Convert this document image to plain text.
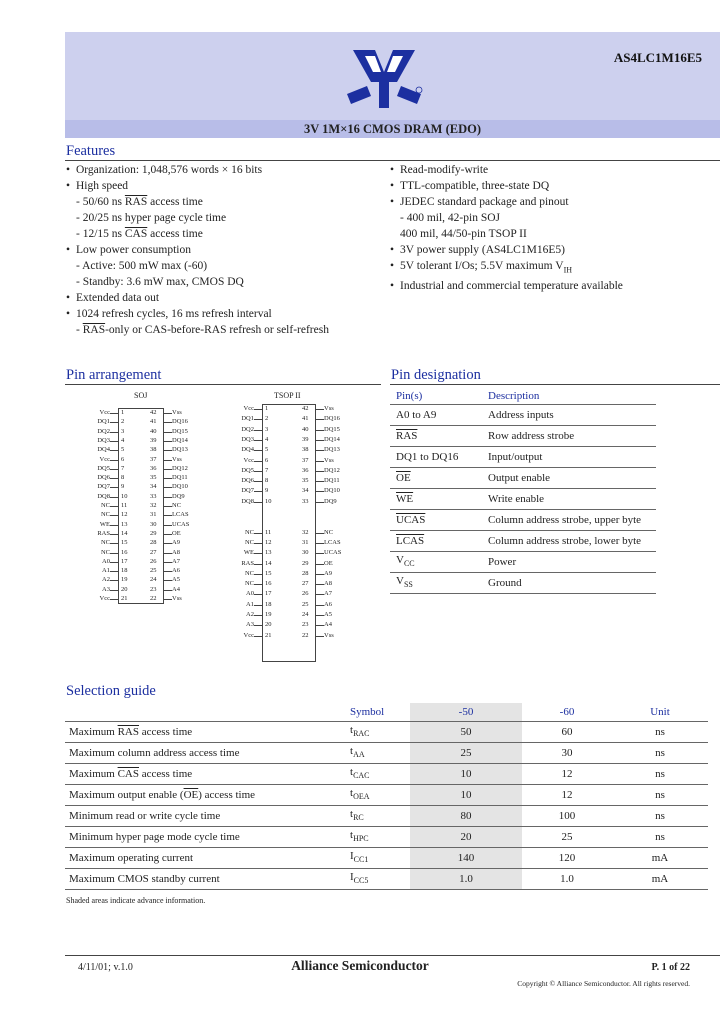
AS4LC1M16E5
3V 1M×16 CMOS DRAM (EDO)
Features
• Organization: 1,048,576 words × 16 bits
• High speed
- 50/60 ns $\overline{RAS}$ access time
- 20/25 ns hyper page cycle time
- 12/15 ns $\overline{CAS}$ access time
• Low power consumption
- Active: 500 mW max (-60)
- Standby: 3.6 mW max, CMOS DQ
• Extended data out
• 1024 refresh cycles, 16 ms refresh interval
- $\overline{RAS}$-only or CAS-before-RAS refresh or self-refresh
• Read-modify-write
• TTL-compatible, three-state DQ
• JEDEC standard package and pinout
- 400 mil, 42-pin SOJ
400 mil, 44/50-pin TSOP II
• 3V power supply (AS4LC1M16E5)
• 5V tolerant I/Os; 5.5V maximum $V_{IH}$
• Industrial and commercial temperature available
Pin arrangement
SOJ
Vcc 1	42 Vss
DQ1 2	41 DQ16
DQ2 3	40 DQ15
DQ3 4	39 DQ14
DQ4 5	38 DQ13
Vcc 6	37 Vss
DQ5 7	36 DQ12
DQ6 8	35 DQ11
DQ7 9	34 DQ10
DQ8 10	33 DQ9
NC 11	32 NC
NC 12	31 LCAS
WE 13	30 UCAS
RAS 14	29 OE
NC 15	28 A9
NC 16	27 A8
A0 17	26 A7
A1 18	25 A6
A2 19	24 A5
A3 20	23 A4
Vcc 21	22 Vss
TSOP II
Vcc 1	42 Vss
DQ1 2	41 DQ16
DQ2 3	40 DQ15
DQ3 4	39 DQ14
DQ4 5	38 DQ13
Vcc 6	37 Vss
DQ5 7	36 DQ12
DQ6 8	35 DQ11
DQ7 9	34 DQ10
DQ8 10	33 DQ9
NC 11	32 NC
NC 12	31 LCAS
WE 13	30 UCAS
RAS 14	29 OE
NC 15	28 A9
NC 16	27 A8
A0 17	26 A7
A1 18	25 A6
A2 19	24 A5
A3 20	23 A4
Vcc 21	22 Vss
Pin designation
Pin(s)	Description
A0 to A9	Address inputs
$\overline{RAS}$	Row address strobe
DQ1 to DQ16	Input/output
$\overline{OE}$	Output enable
$\overline{WE}$	Write enable
UCAS	Column address strobe, upper byte
LCAS	Column address strobe, lower byte
$V_{CC}$	Power
$V_{SS}$	Ground
Selection guide
	Symbol	-50	-60	Unit
Maximum $\overline{RAS}$ access time	$t_{RAC}$	50	60	ns
Maximum column address access time	$t_{AA}$	25	30	ns
Maximum $\overline{CAS}$ access time	$t_{CAC}$	10	12	ns
Maximum output enable $(\overline{OE})$ access time	$t_{OEA}$	10	12	ns
Minimum read or write cycle time	$t_{RC}$	80	100	ns
Minimum hyper page mode cycle time	$t_{HPC}$	20	25	ns
Maximum operating current	$I_{CC1}$	140	120	mA
Maximum CMOS standby current	$I_{CC5}$	1.0	1.0	mA
Shaded areas indicate advance information.
4/11/01; v.1.0	Alliance Semiconductor	P. 1 of 22
Copyright © Alliance Semiconductor. All rights reserved.
